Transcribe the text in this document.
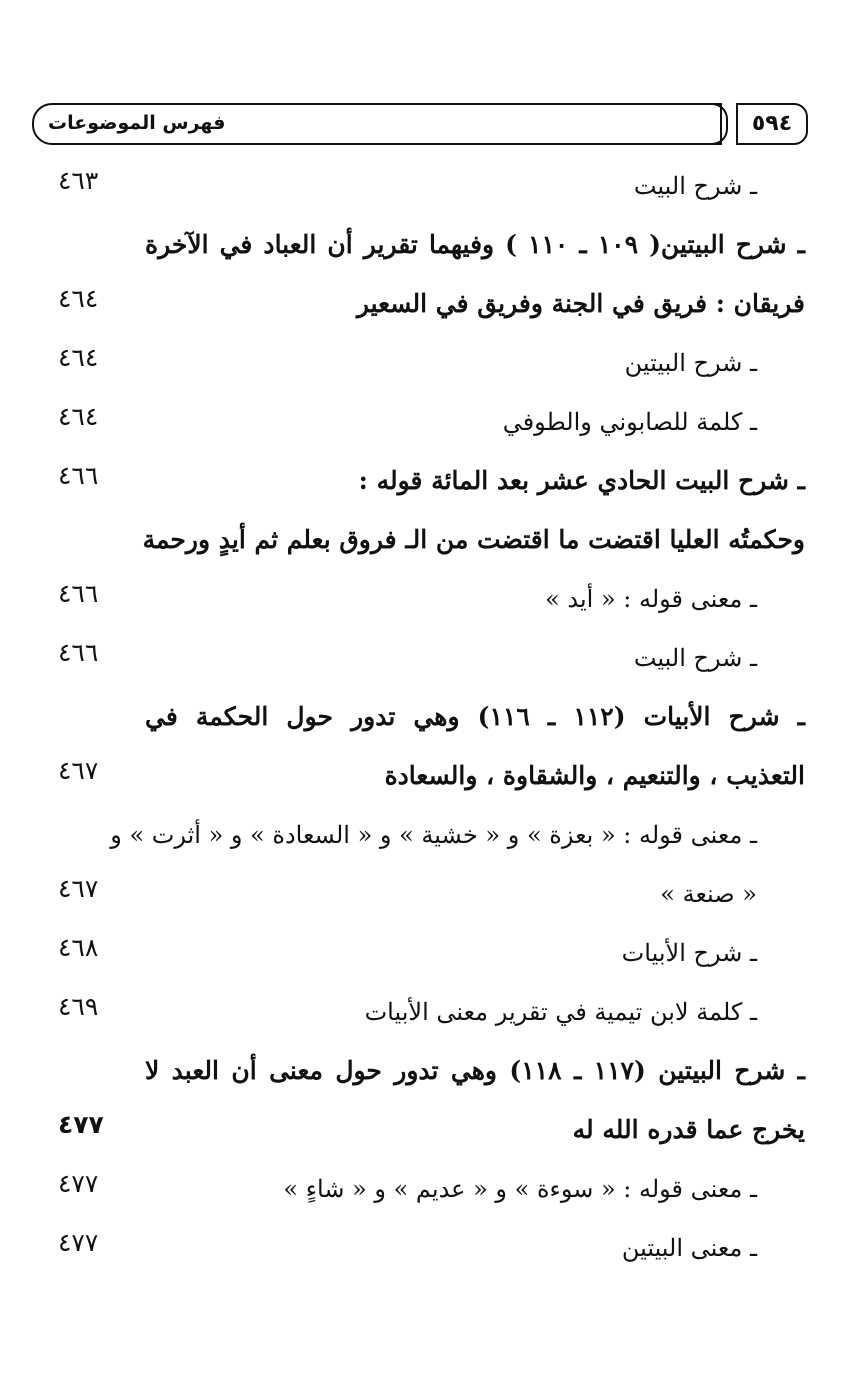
فهرس الموضوعات	٥٩٤
ـ شرح البيت
٤٦٣
ـ شرح البيتين( ١٠٩ ـ ١١٠ ) وفيهما تقرير أن العباد في الآخرة
فريقان : فريق في الجنة وفريق في السعير
٤٦٤
ـ شرح البيتين
٤٦٤
ـ كلمة للصابوني والطوفي
٤٦٤
ـ شرح البيت الحادي عشر بعد المائة قوله :
٤٦٦
وحكمتُه العليا اقتضت ما اقتضت من الـ فروق بعلم ثم أيدٍ ورحمة
ـ معنى قوله : « أيد »
٤٦٦
ـ شرح البيت
٤٦٦
ـ شرح الأبيات (١١٢ ـ ١١٦) وهي تدور حول الحكمة في
التعذيب ، والتنعيم ، والشقاوة ، والسعادة
٤٦٧
ـ معنى قوله : « بعزة » و « خشية » و « السعادة » و « أثرت » و
« صنعة »
٤٦٧
ـ شرح الأبيات
٤٦٨
ـ كلمة لابن تيمية في تقرير معنى الأبيات
٤٦٩
ـ شرح البيتين (١١٧ ـ ١١٨) وهي تدور حول معنى أن العبد لا
يخرج عما قدره الله له
٤٧٧
ـ معنى قوله : « سوءة » و « عديم » و « شاءٍ »
٤٧٧
ـ معنى البيتين
٤٧٧
